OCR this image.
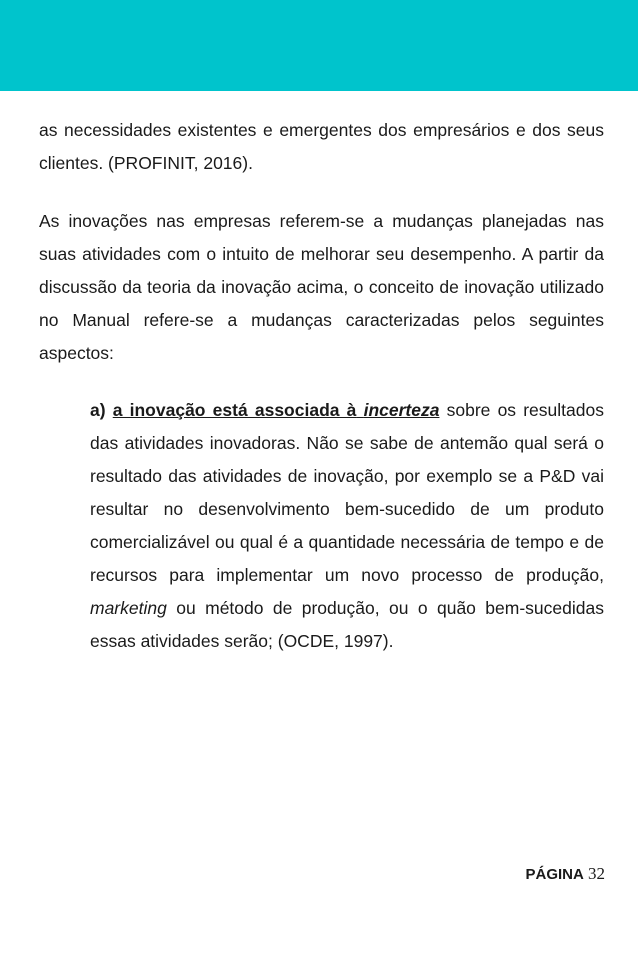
as necessidades existentes e emergentes dos empresários e dos seus clientes. (PROFINIT, 2016).

As inovações nas empresas referem-se a mudanças planejadas nas suas atividades com o intuito de melhorar seu desempenho. A partir da discussão da teoria da inovação acima, o conceito de inovação utilizado no Manual refere-se a mudanças caracterizadas pelos seguintes aspectos:

a) a inovação está associada à incerteza sobre os resultados das atividades inovadoras. Não se sabe de antemão qual será o resultado das atividades de inovação, por exemplo se a P&D vai resultar no desenvolvimento bem-sucedido de um produto comercializável ou qual é a quantidade necessária de tempo e de recursos para implementar um novo processo de produção, marketing ou método de produção, ou o quão bem-sucedidas essas atividades serão; (OCDE, 1997).
PÁGINA 32
